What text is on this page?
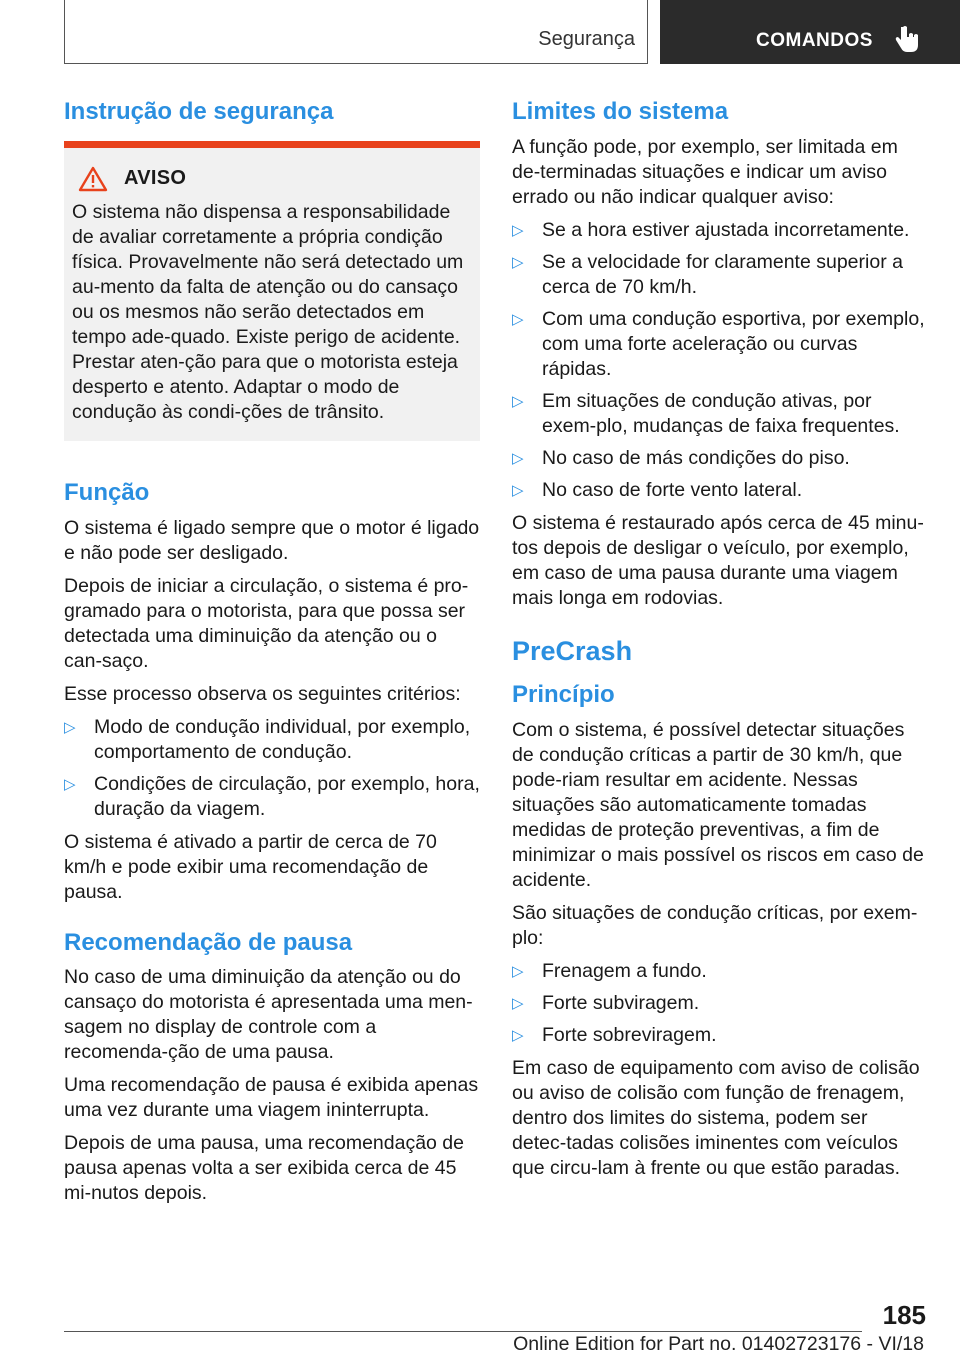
Segurança	COMANDOS
Instrução de segurança
AVISO

O sistema não dispensa a responsabilidade de avaliar corretamente a própria condição física. Provavelmente não será detectado um au-mento da falta de atenção ou do cansaço ou os mesmos não serão detectados em tempo ade-quado. Existe perigo de acidente. Prestar aten-ção para que o motorista esteja desperto e atento. Adaptar o modo de condução às condi-ções de trânsito.

Função

O sistema é ligado sempre que o motor é ligado e não pode ser desligado.

Depois de iniciar a circulação, o sistema é pro-gramado para o motorista, para que possa ser detectada uma diminuição da atenção ou o can-saço.

Esse processo observa os seguintes critérios:

▷ Modo de condução individual, por exemplo, comportamento de condução.
▷ Condições de circulação, por exemplo, hora, duração da viagem.

O sistema é ativado a partir de cerca de 70 km/h e pode exibir uma recomendação de pausa.

Recomendação de pausa

No caso de uma diminuição da atenção ou do cansaço do motorista é apresentada uma men-sagem no display de controle com a recomenda-ção de uma pausa.

Uma recomendação de pausa é exibida apenas uma vez durante uma viagem ininterrupta.

Depois de uma pausa, uma recomendação de pausa apenas volta a ser exibida cerca de 45 mi-nutos depois.

Limites do sistema

A função pode, por exemplo, ser limitada em de-terminadas situações e indicar um aviso errado ou não indicar qualquer aviso:

▷ Se a hora estiver ajustada incorretamente.
▷ Se a velocidade for claramente superior a cerca de 70 km/h.
▷ Com uma condução esportiva, por exemplo, com uma forte aceleração ou curvas rápidas.
▷ Em situações de condução ativas, por exem-plo, mudanças de faixa frequentes.
▷ No caso de más condições do piso.
▷ No caso de forte vento lateral.

O sistema é restaurado após cerca de 45 minu-tos depois de desligar o veículo, por exemplo, em caso de uma pausa durante uma viagem mais longa em rodovias.

PreCrash
Princípio

Com o sistema, é possível detectar situações de condução críticas a partir de 30 km/h, que pode-riam resultar em acidente. Nessas situações são automaticamente tomadas medidas de proteção preventivas, a fim de minimizar o mais possível os riscos em caso de acidente.

São situações de condução críticas, por exem-plo:

▷ Frenagem a fundo.
▷ Forte subviragem.
▷ Forte sobreviragem.

Em caso de equipamento com aviso de colisão ou aviso de colisão com função de frenagem, dentro dos limites do sistema, podem ser detec-tadas colisões iminentes com veículos que circu-lam à frente ou que estão paradas.

185
Online Edition for Part no. 01402723176 - VI/18
